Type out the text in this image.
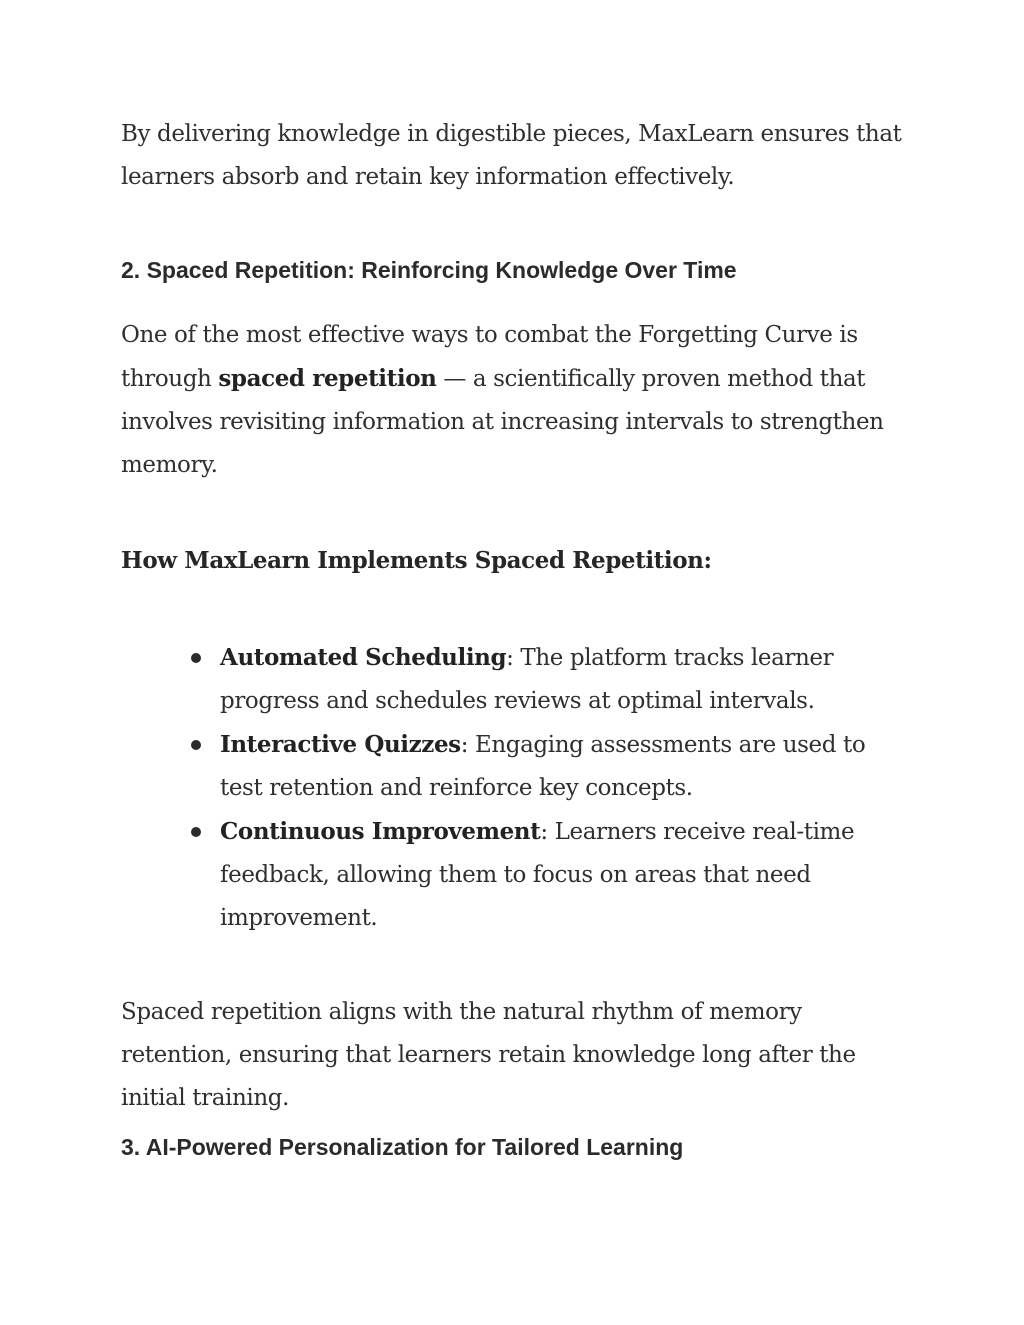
By delivering knowledge in digestible pieces, MaxLearn ensures that learners absorb and retain key information effectively.

2. Spaced Repetition: Reinforcing Knowledge Over Time

One of the most effective ways to combat the Forgetting Curve is through spaced repetition — a scientifically proven method that involves revisiting information at increasing intervals to strengthen memory.

How MaxLearn Implements Spaced Repetition:
Automated Scheduling: The platform tracks learner progress and schedules reviews at optimal intervals.
Interactive Quizzes: Engaging assessments are used to test retention and reinforce key concepts.
Continuous Improvement: Learners receive real-time feedback, allowing them to focus on areas that need improvement.

Spaced repetition aligns with the natural rhythm of memory retention, ensuring that learners retain knowledge long after the initial training.

3. AI-Powered Personalization for Tailored Learning
